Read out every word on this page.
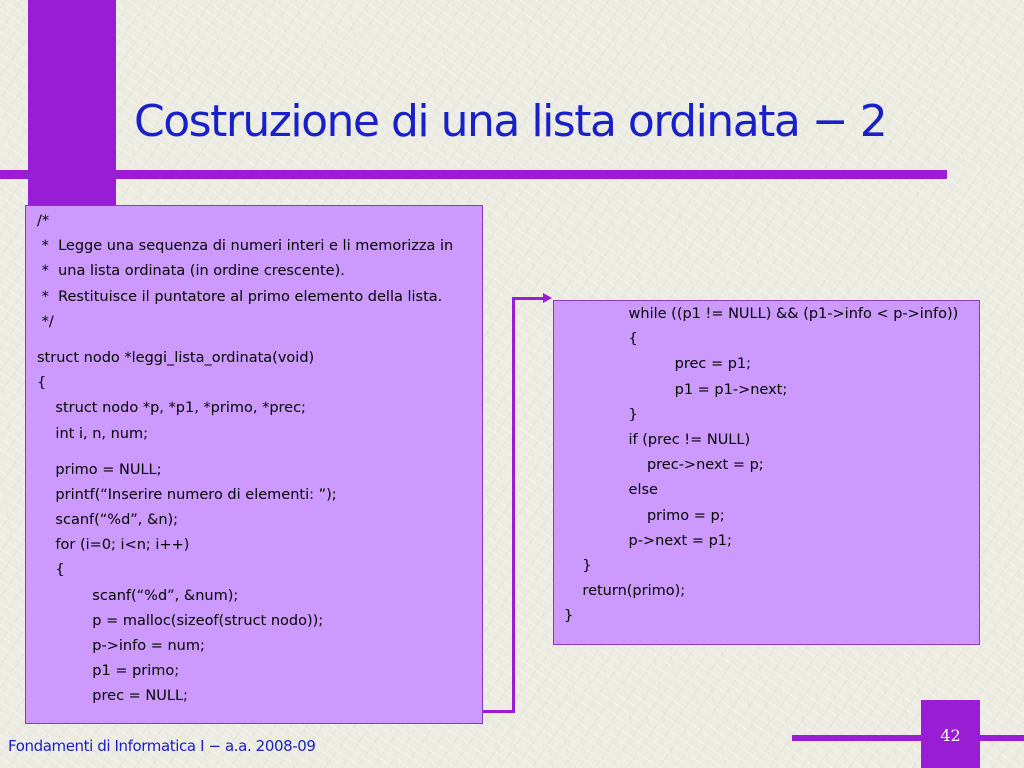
Costruzione di una lista ordinata − 2
/*
*  Legge una sequenza di numeri interi e li memorizza in
*  una lista ordinata (in ordine crescente).
*  Restituisce il puntatore al primo elemento della lista.
*/
struct nodo *leggi_lista_ordinata(void)
{
struct nodo *p, *p1, *primo, *prec;
int i, n, num;
primo = NULL;
printf(“Inserire numero di elementi: ”);
scanf(“%d”, &n);
for (i=0; i<n; i++)
{
scanf(“%d”, &num);
p = malloc(sizeof(struct nodo));
p->info = num;
p1 = primo;
prec = NULL;
while ((p1 != NULL) && (p1->info < p->info))
{
prec = p1;
p1 = p1->next;
}
if (prec != NULL)
prec->next = p;
else
primo = p;
p->next = p1;
}
return(primo);
}
Fondamenti di Informatica I − a.a. 2008-09
42
